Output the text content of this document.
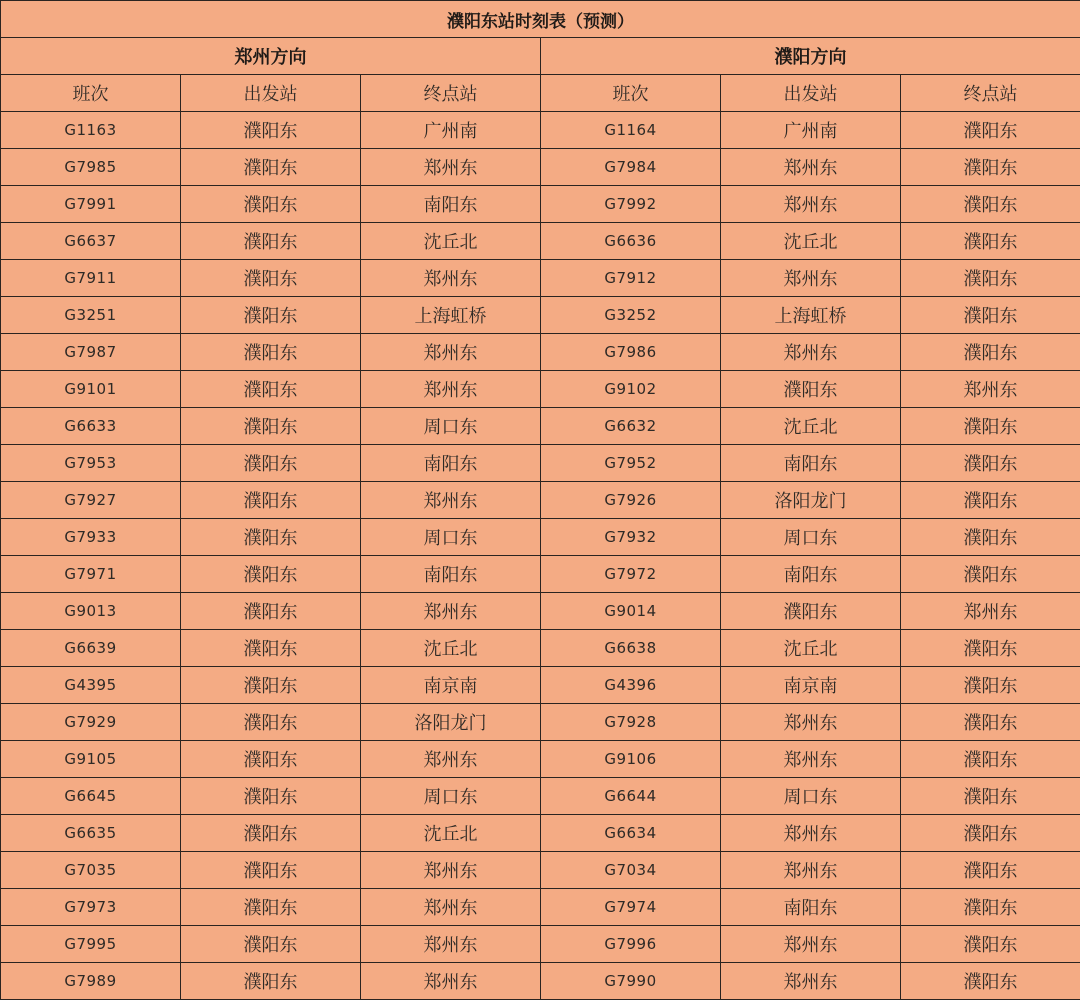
濮阳东站时刻表（预测）					
郑州方向			濮阳方向		
班次	出发站	终点站	班次	出发站	终点站
G1163	濮阳东	广州南	G1164	广州南	濮阳东
G7985	濮阳东	郑州东	G7984	郑州东	濮阳东
G7991	濮阳东	南阳东	G7992	郑州东	濮阳东
G6637	濮阳东	沈丘北	G6636	沈丘北	濮阳东
G7911	濮阳东	郑州东	G7912	郑州东	濮阳东
G3251	濮阳东	上海虹桥	G3252	上海虹桥	濮阳东
G7987	濮阳东	郑州东	G7986	郑州东	濮阳东
G9101	濮阳东	郑州东	G9102	濮阳东	郑州东
G6633	濮阳东	周口东	G6632	沈丘北	濮阳东
G7953	濮阳东	南阳东	G7952	南阳东	濮阳东
G7927	濮阳东	郑州东	G7926	洛阳龙门	濮阳东
G7933	濮阳东	周口东	G7932	周口东	濮阳东
G7971	濮阳东	南阳东	G7972	南阳东	濮阳东
G9013	濮阳东	郑州东	G9014	濮阳东	郑州东
G6639	濮阳东	沈丘北	G6638	沈丘北	濮阳东
G4395	濮阳东	南京南	G4396	南京南	濮阳东
G7929	濮阳东	洛阳龙门	G7928	郑州东	濮阳东
G9105	濮阳东	郑州东	G9106	郑州东	濮阳东
G6645	濮阳东	周口东	G6644	周口东	濮阳东
G6635	濮阳东	沈丘北	G6634	郑州东	濮阳东
G7035	濮阳东	郑州东	G7034	郑州东	濮阳东
G7973	濮阳东	郑州东	G7974	南阳东	濮阳东
G7995	濮阳东	郑州东	G7996	郑州东	濮阳东
G7989	濮阳东	郑州东	G7990	郑州东	濮阳东
